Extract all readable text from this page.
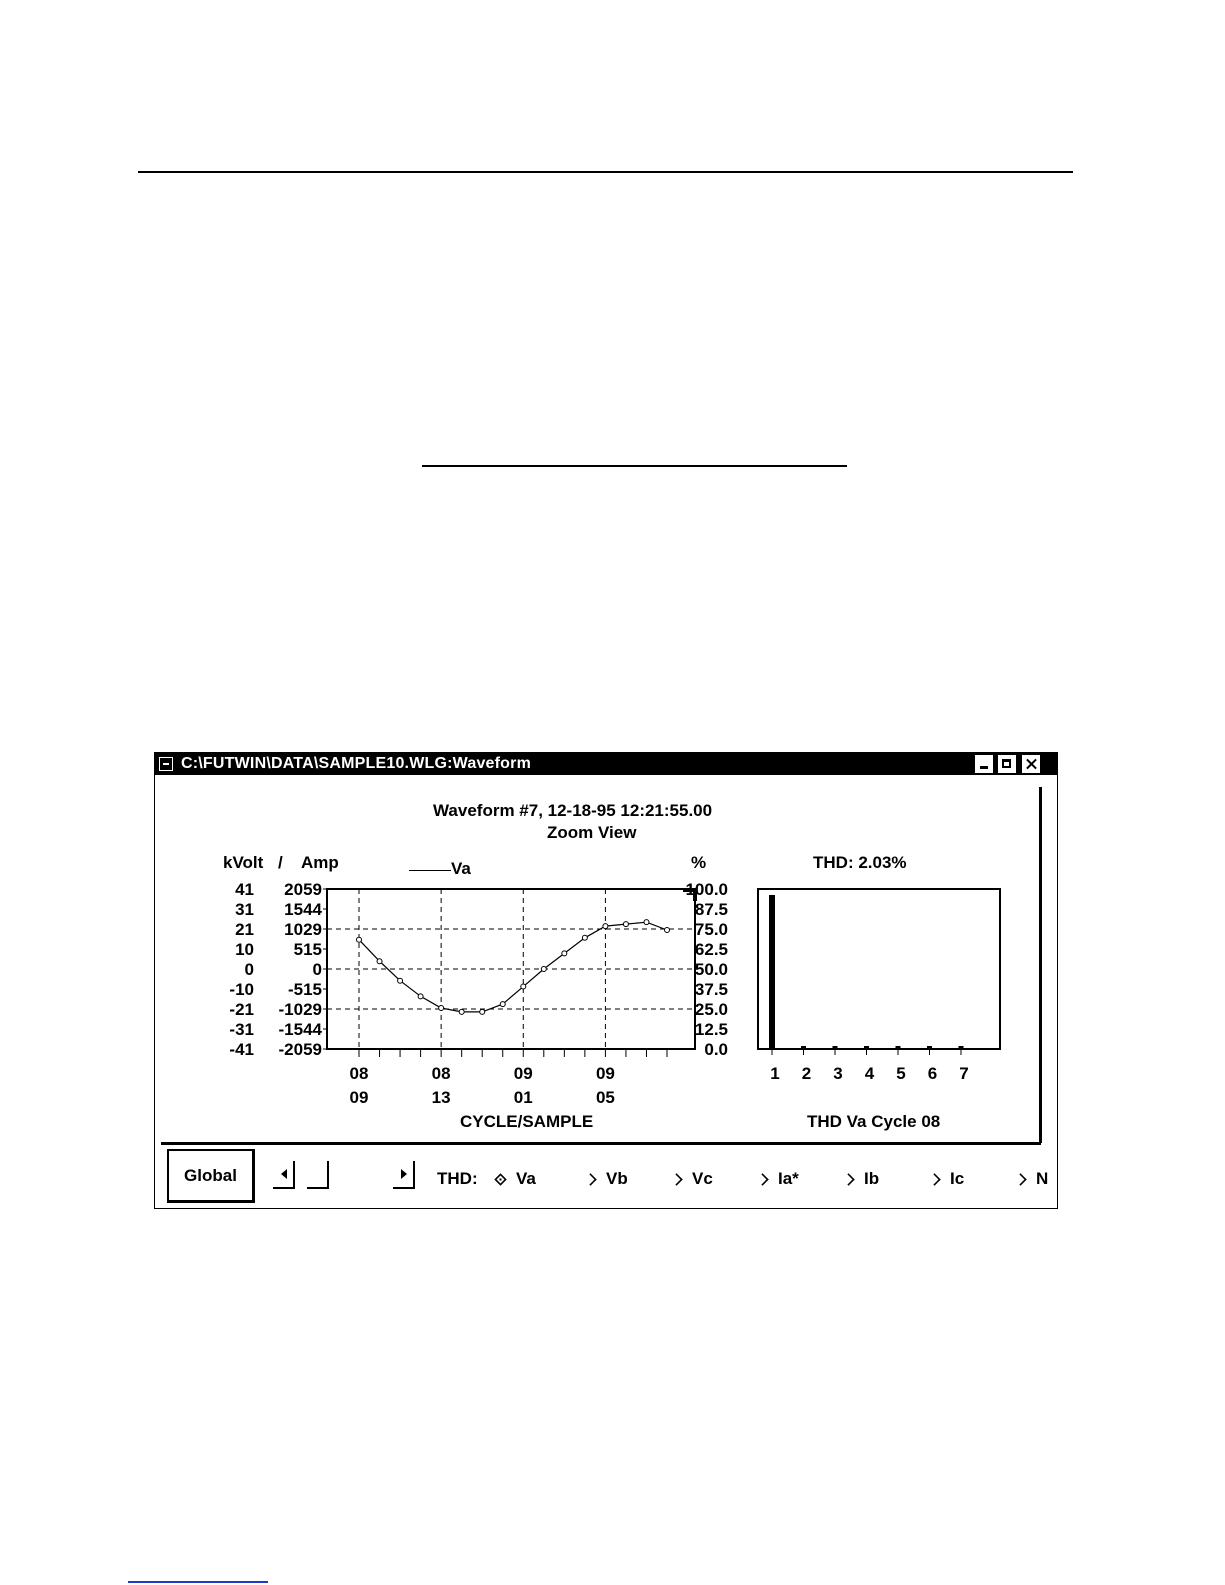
C:\FUTWIN\DATA\SAMPLE10.WLG:Waveform
Waveform #7, 12-18-95 12:21:55.00
Zoom View
kVolt / Amp	%
Va	THD: 2.03%
41
31
21
10
0
-10
-21
-31
-41
2059
1544
1029
515
0
-515
-1029
-1544
-2059
100.0
87.5
75.0
62.5
50.0
37.5
25.0
12.5
0.0
08
09
08
13
09
01
09
05
CYCLE/SAMPLE
1 2 3 4 5 6 7
THD Va Cycle 08
Global	THD: Va	Vb	Vc	Ia*	Ib	Ic	N
